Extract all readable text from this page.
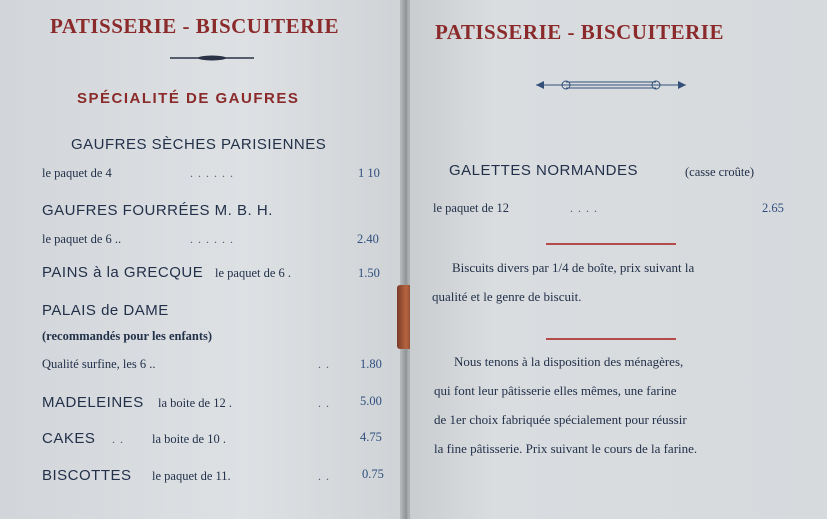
PATISSERIE - BISCUITERIE
SPÉCIALITÉ DE GAUFRES
GAUFRES SÈCHES PARISIENNES
le paquet de 4	. . . . . .	1 10
GAUFRES FOURRÉES M. B. H.
le paquet de 6 ..	. . . . . .	2.40
PAINS à la GRECQUE le paquet de 6 .	1.50
PALAIS de DAME
(recommandés pour les enfants)
Qualité surfine, les 6 ..	. . 1.80
MADELEINES la boite de 12 .	. . 5.00
CAKES . . la boite de 10 .	4.75
BISCOTTES le paquet de 11.	. .	0.75
PATISSERIE - BISCUITERIE
GALETTES NORMANDES	(casse croûte)
le paquet de 12	. . . .	2.65
Biscuits divers par 1/4 de boîte, prix suivant la
qualité et le genre de biscuit.
Nous tenons à la disposition des ménagères,
qui font leur pâtisserie elles mêmes, une farine
de 1er choix fabriquée spécialement pour réussir
la fine pâtisserie. Prix suivant le cours de la farine.
